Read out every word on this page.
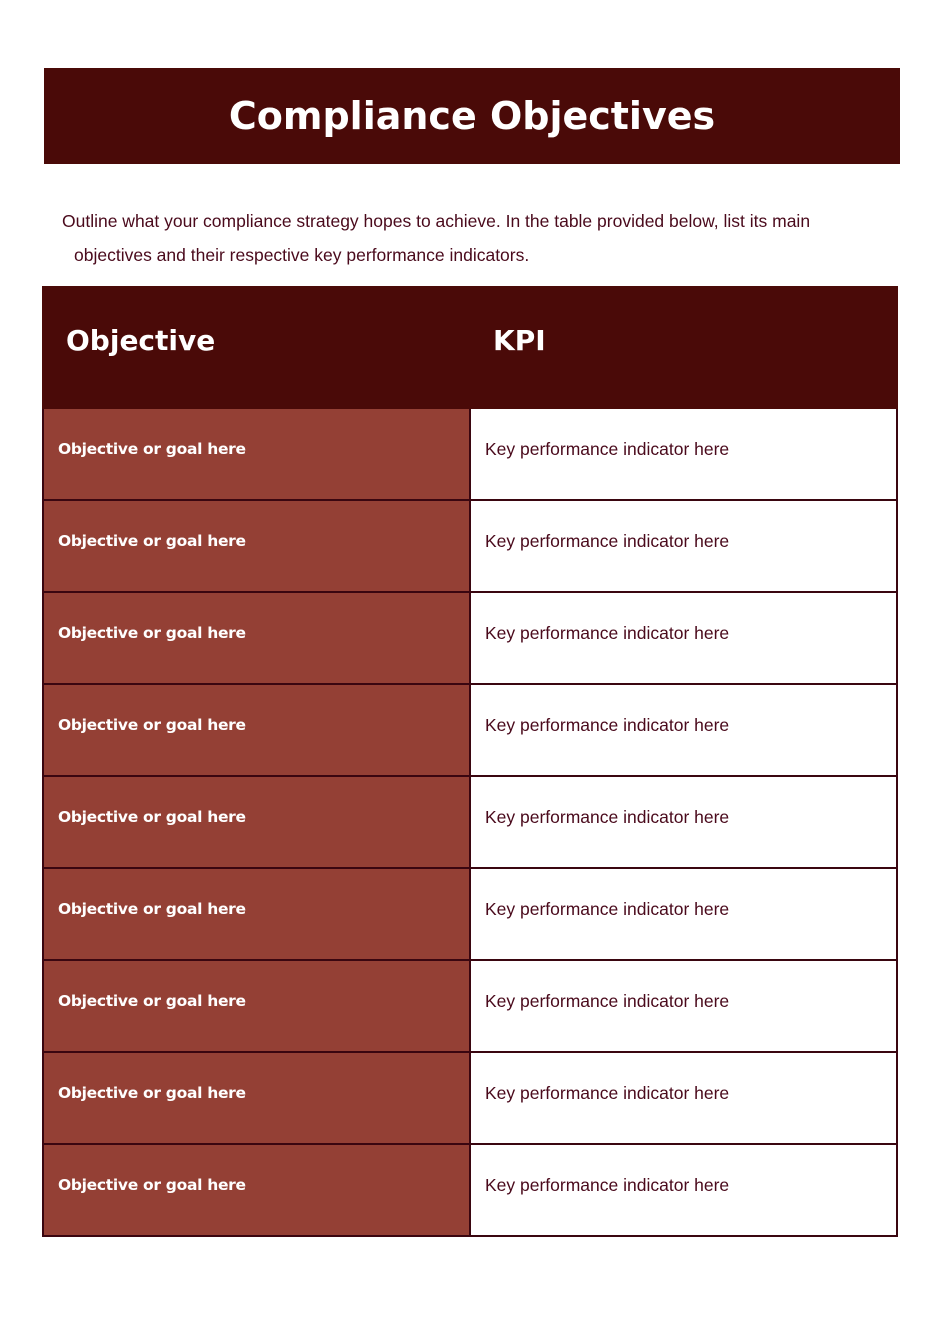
Compliance Objectives

Outline what your compliance strategy hopes to achieve. In the table provided below, list its main
objectives and their respective key performance indicators.

Objective	KPI
Objective or goal here	Key performance indicator here
Objective or goal here	Key performance indicator here
Objective or goal here	Key performance indicator here
Objective or goal here	Key performance indicator here
Objective or goal here	Key performance indicator here
Objective or goal here	Key performance indicator here
Objective or goal here	Key performance indicator here
Objective or goal here	Key performance indicator here
Objective or goal here	Key performance indicator here
